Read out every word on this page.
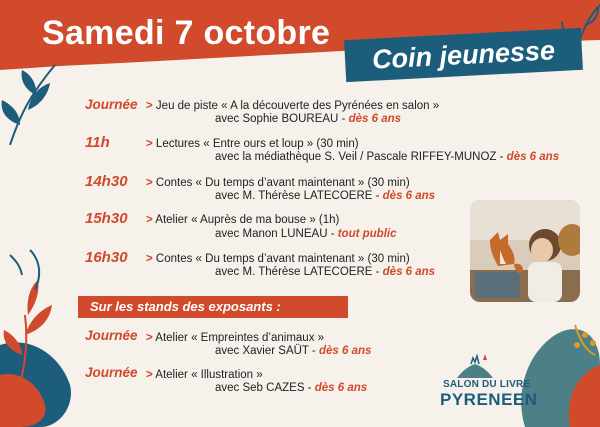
Samedi 7 octobre
Coin jeunesse
Journée > Jeu de piste « A la découverte des Pyrénées en salon »
avec Sophie BOUREAU - dès 6 ans
11h	> Lectures « Entre ours et loup » (30 min)
avec la médiathèque S. Veil / Pascale RIFFEY-MUNOZ - dès 6 ans
14h30 > Contes « Du temps d’avant maintenant » (30 min)
avec M. Thérèse LATECOERE - dès 6 ans
15h30 > Atelier « Auprès de ma bouse » (1h)
avec Manon LUNEAU - tout public
16h30 > Contes « Du temps d’avant maintenant » (30 min)
avec M. Thérèse LATECOERE - dès 6 ans
Sur les stands des exposants :
Journée > Atelier « Empreintes d’animaux »
avec Xavier SAÜT - dès 6 ans
Journée > Atelier « Illustration »
avec Seb CAZES - dès 6 ans	SALON DU LIVRE
PYRENEEN
